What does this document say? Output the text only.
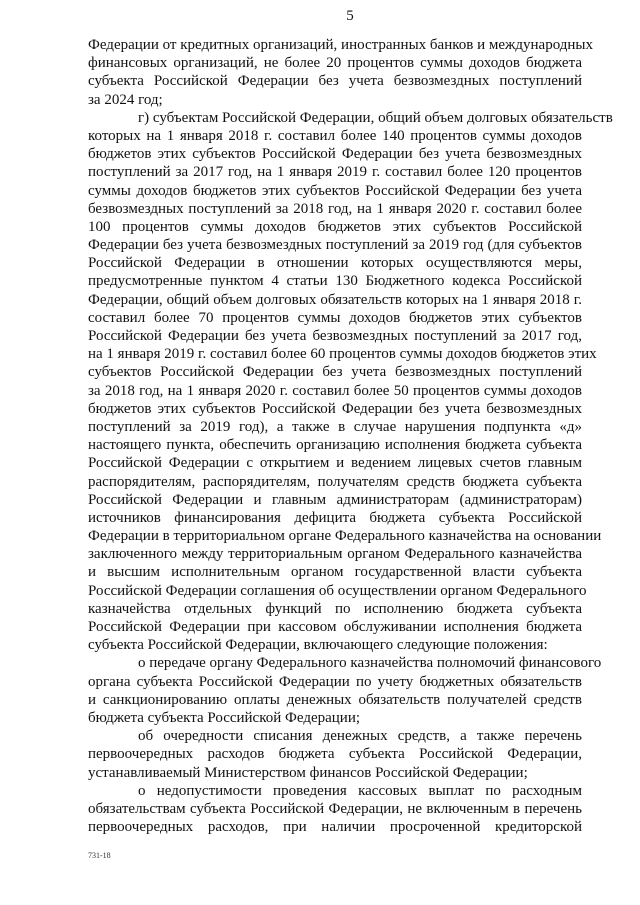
5
Федерации от кредитных организаций, иностранных банков и международных
финансовых организаций, не более 20 процентов суммы доходов бюджета
субъекта Российской Федерации без учета безвозмездных поступлений
за 2024 год;
г) субъектам Российской Федерации, общий объем долговых обязательств
которых на 1 января 2018 г. составил более 140 процентов суммы доходов
бюджетов этих субъектов Российской Федерации без учета безвозмездных
поступлений за 2017 год, на 1 января 2019 г. составил более 120 процентов
суммы доходов бюджетов этих субъектов Российской Федерации без учета
безвозмездных поступлений за 2018 год, на 1 января 2020 г. составил более
100 процентов суммы доходов бюджетов этих субъектов Российской
Федерации без учета безвозмездных поступлений за 2019 год (для субъектов
Российской Федерации в отношении которых осуществляются меры,
предусмотренные пунктом 4 статьи 130 Бюджетного кодекса Российской
Федерации, общий объем долговых обязательств которых на 1 января 2018 г.
составил более 70 процентов суммы доходов бюджетов этих субъектов
Российской Федерации без учета безвозмездных поступлений за 2017 год,
на 1 января 2019 г. составил более 60 процентов суммы доходов бюджетов этих
субъектов Российской Федерации без учета безвозмездных поступлений
за 2018 год, на 1 января 2020 г. составил более 50 процентов суммы доходов
бюджетов этих субъектов Российской Федерации без учета безвозмездных
поступлений за 2019 год), а также в случае нарушения подпункта «д»
настоящего пункта, обеспечить организацию исполнения бюджета субъекта
Российской Федерации с открытием и ведением лицевых счетов главным
распорядителям, распорядителям, получателям средств бюджета субъекта
Российской Федерации и главным администраторам (администраторам)
источников финансирования дефицита бюджета субъекта Российской
Федерации в территориальном органе Федерального казначейства на основании
заключенного между территориальным органом Федерального казначейства
и высшим исполнительным органом государственной власти субъекта
Российской Федерации соглашения об осуществлении органом Федерального
казначейства отдельных функций по исполнению бюджета субъекта
Российской Федерации при кассовом обслуживании исполнения бюджета
субъекта Российской Федерации, включающего следующие положения:
о передаче органу Федерального казначейства полномочий финансового
органа субъекта Российской Федерации по учету бюджетных обязательств
и санкционированию оплаты денежных обязательств получателей средств
бюджета субъекта Российской Федерации;
об очередности списания денежных средств, а также перечень
первоочередных расходов бюджета субъекта Российской Федерации,
устанавливаемый Министерством финансов Российской Федерации;
о недопустимости проведения кассовых выплат по расходным
обязательствам субъекта Российской Федерации, не включенным в перечень
первоочередных расходов, при наличии просроченной кредиторской
731-18
